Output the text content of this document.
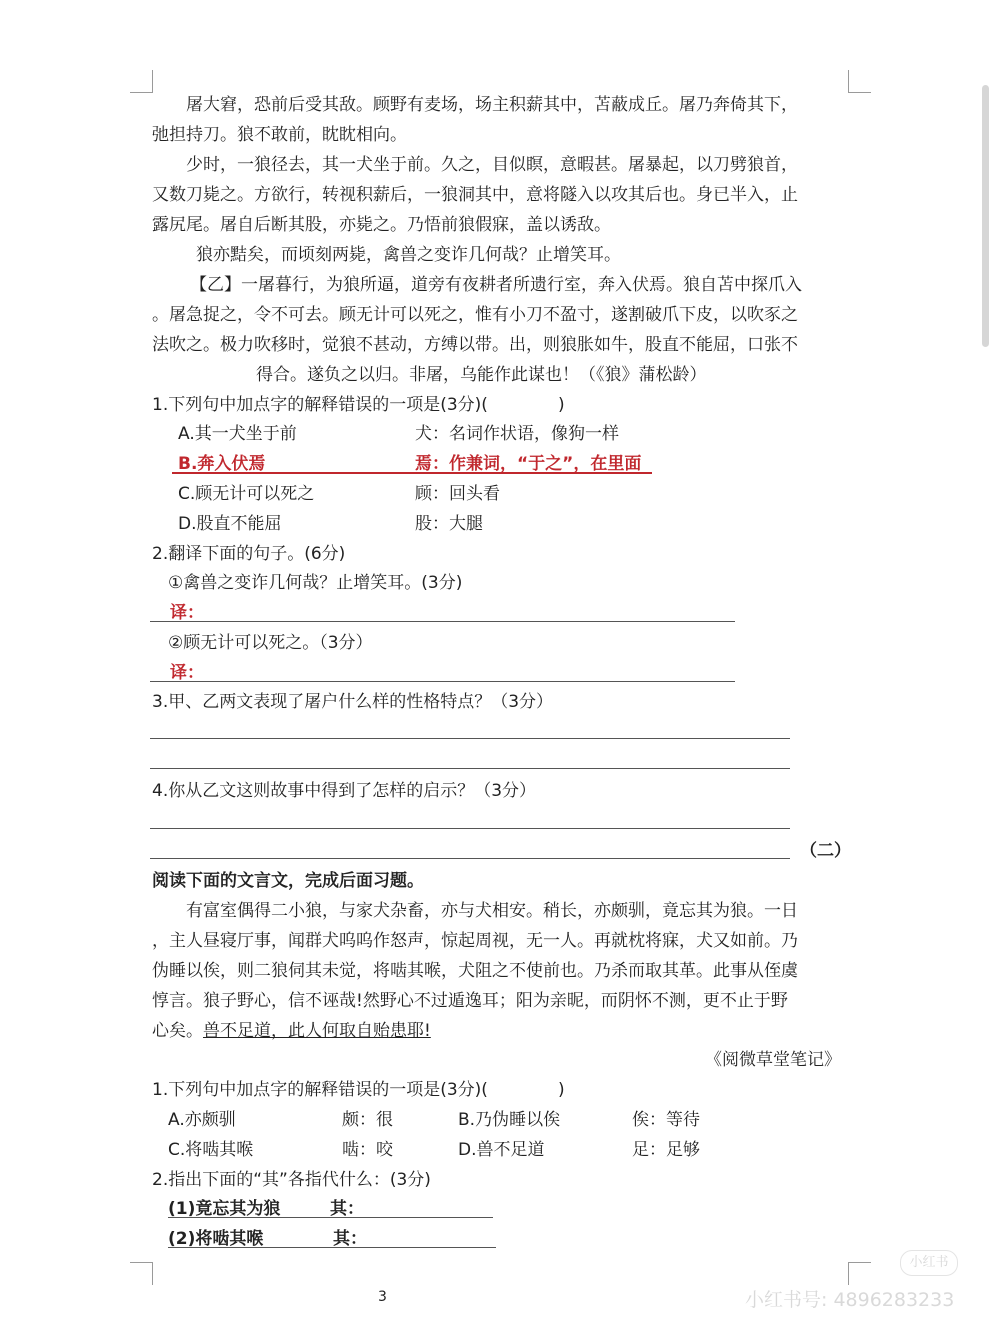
屠大窘，恐前后受其敌。顾野有麦场，场主积薪其中，苫蔽成丘。屠乃奔倚其下，
弛担持刀。狼不敢前，眈眈相向。
少时，一狼径去，其一犬坐于前。久之，目似瞑，意暇甚。屠暴起，以刀劈狼首，
又数刀毙之。方欲行，转视积薪后，一狼洞其中，意将隧入以攻其后也。身已半入，止
露尻尾。屠自后断其股，亦毙之。乃悟前狼假寐，盖以诱敌。
狼亦黠矣，而顷刻两毙，禽兽之变诈几何哉？止增笑耳。
【乙】一屠暮行，为狼所逼，道旁有夜耕者所遗行室，奔入伏焉。狼自苫中探爪入
。屠急捉之，令不可去。顾无计可以死之，惟有小刀不盈寸，遂割破爪下皮，以吹豕之
法吹之。极力吹移时，觉狼不甚动，方缚以带。出，则狼胀如牛，股直不能屈，口张不
得合。遂负之以归。非屠，乌能作此谋也！（《狼》蒲松龄）
1.下列句中加点字的解释错误的一项是(3分)(	)
A.其一犬坐于前	犬：名词作状语，像狗一样
B.奔入伏焉	焉：作兼词，“于之”，在里面
C.顾无计可以死之	顾：回头看
D.股直不能屈	股：大腿
2.翻译下面的句子。(6分)
①禽兽之变诈几何哉？止增笑耳。(3分)
译：
②顾无计可以死之。（3分）
译：
3.甲、乙两文表现了屠户什么样的性格特点？（3分）
4.你从乙文这则故事中得到了怎样的启示？（3分）
（二）
阅读下面的文言文，完成后面习题。
有富室偶得二小狼，与家犬杂畜，亦与犬相安。稍长，亦颇驯，竟忘其为狼。一日
，主人昼寝厅事，闻群犬呜呜作怒声，惊起周视，无一人。再就枕将寐，犬又如前。乃
伪睡以俟，则二狼伺其未觉，将啮其喉，犬阻之不使前也。乃杀而取其革。此事从侄虞
惇言。狼子野心，信不诬哉!然野心不过遁逸耳；阳为亲昵，而阴怀不测，更不止于野
心矣。兽不足道，此人何取自贻患耶!
《阅微草堂笔记》
1.下列句中加点字的解释错误的一项是(3分)(	)
A.亦颇驯	颇：很	B.乃伪睡以俟	俟：等待
C.将啮其喉	啮：咬	D.兽不足道	足：足够
2.指出下面的“其”各指代什么：(3分)
(1)竟忘其为狼	其：
(2)将啮其喉	其：
3
小红书
小红书号: 4896283233
